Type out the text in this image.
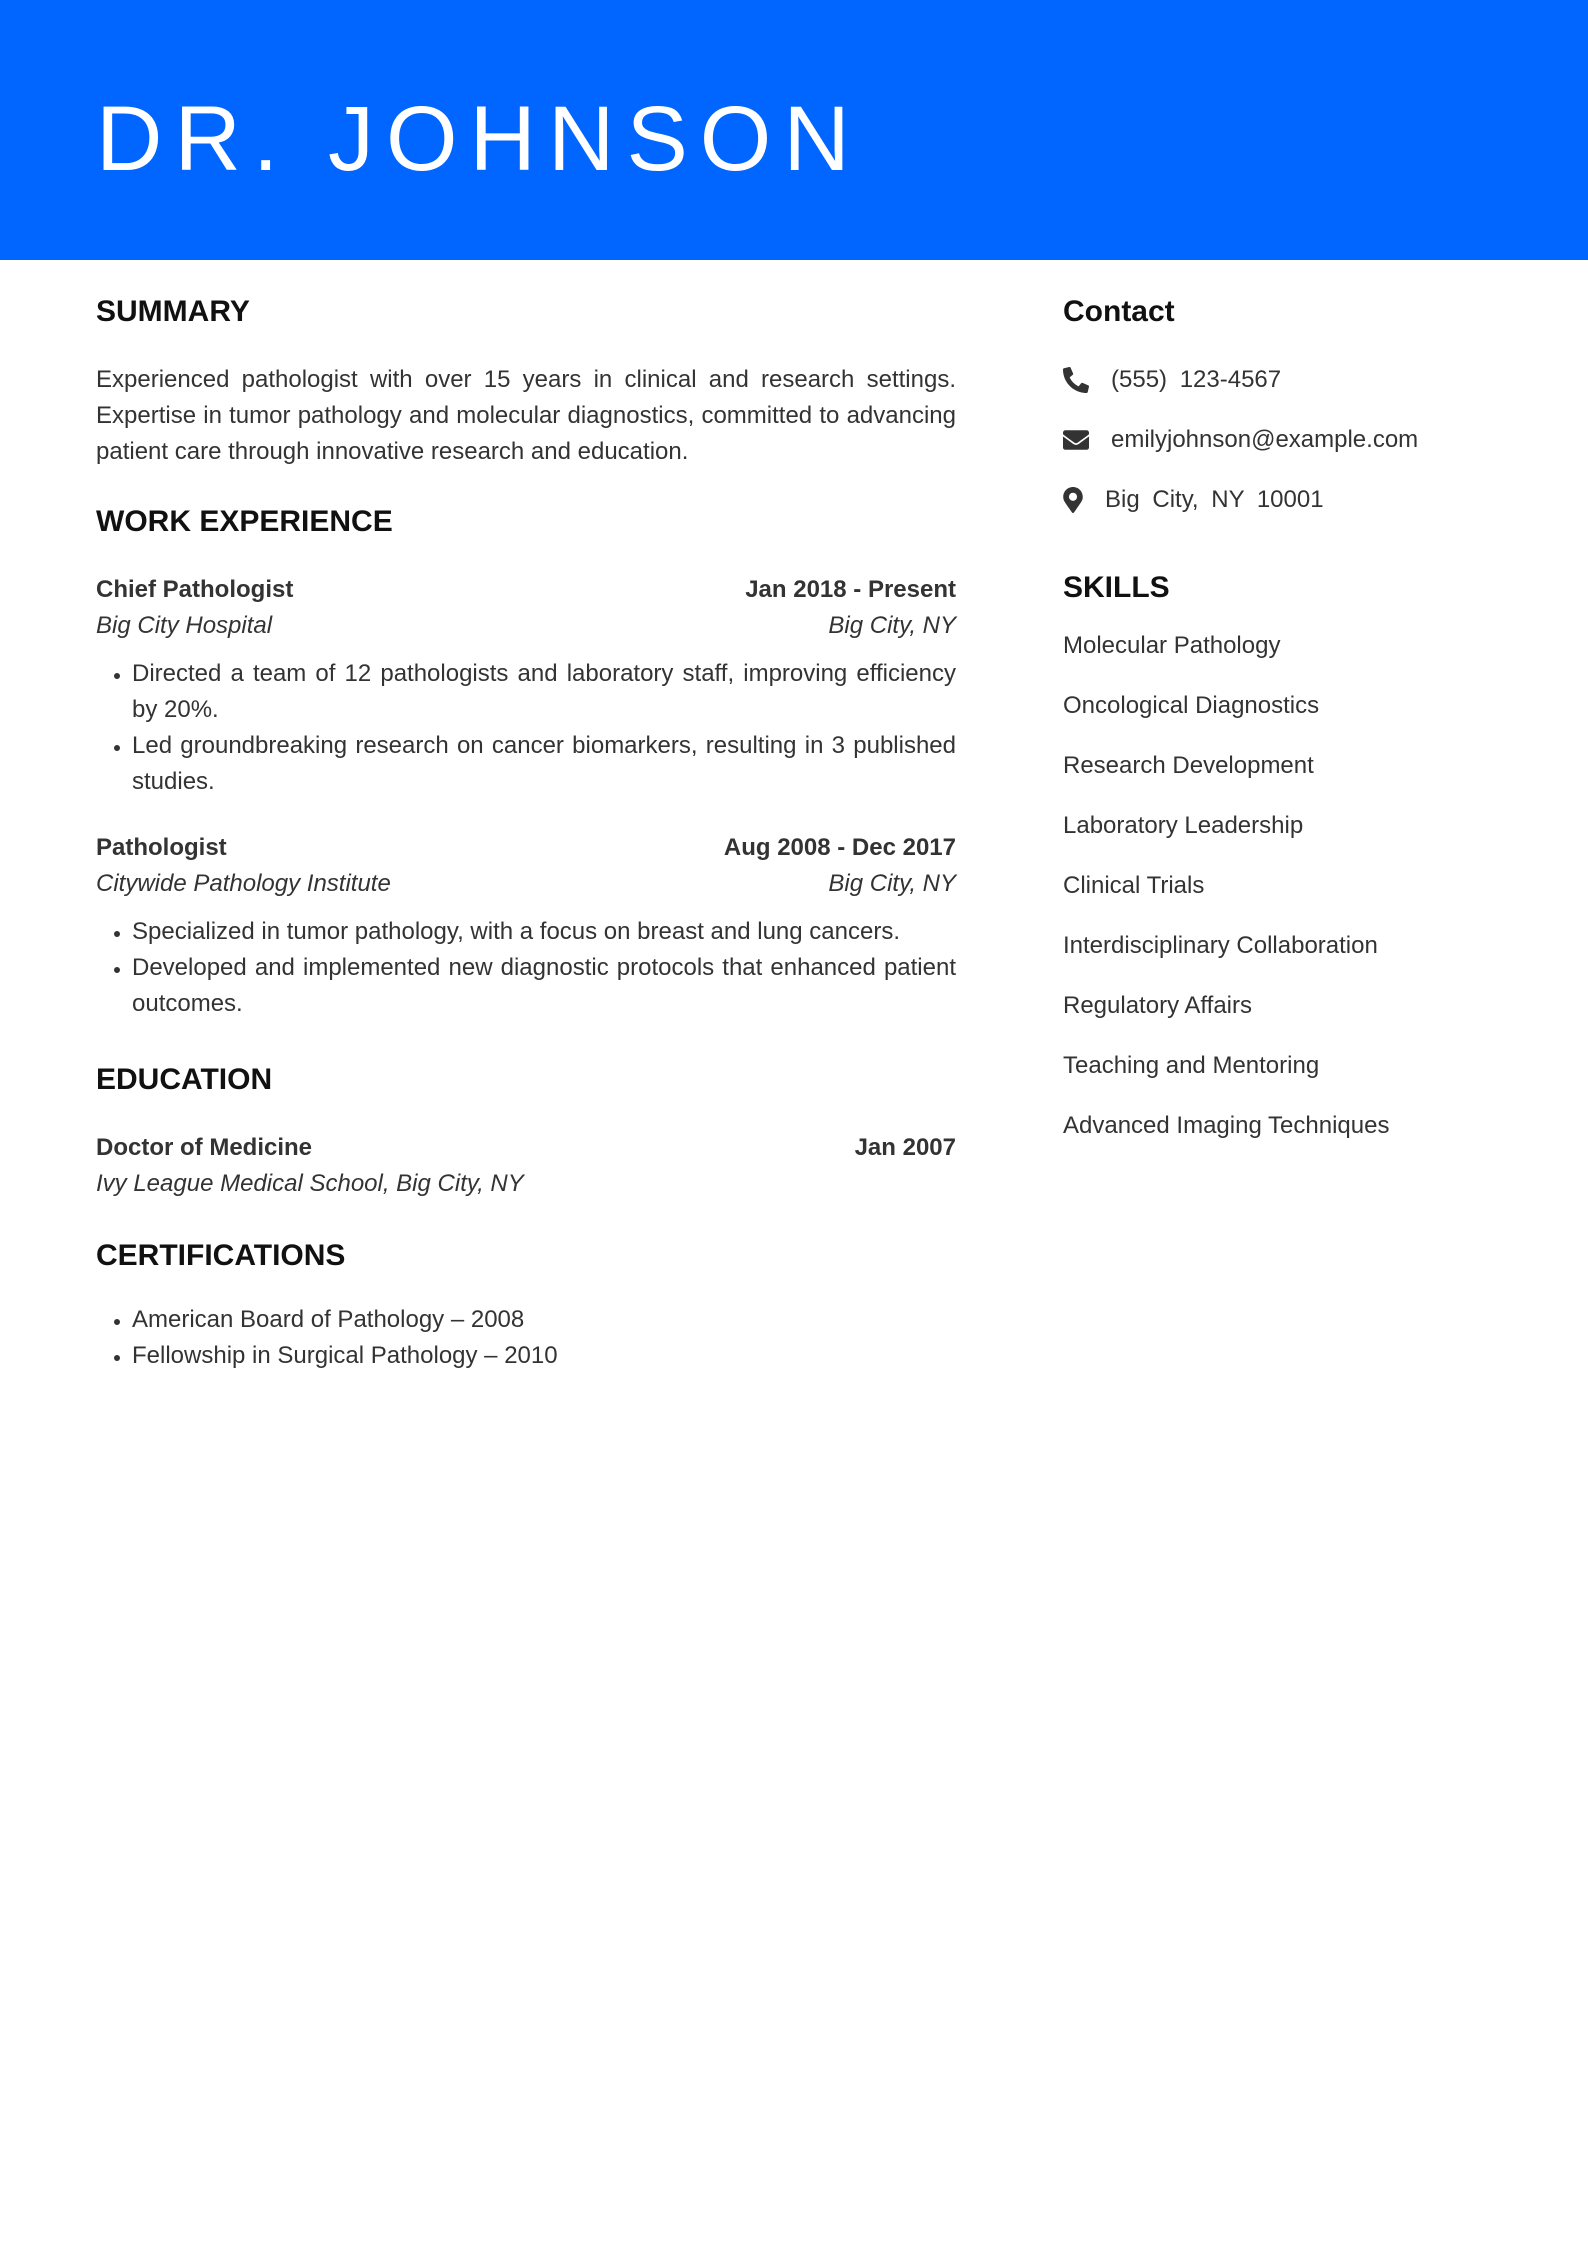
DR. JOHNSON
SUMMARY

Experienced pathologist with over 15 years in clinical and research settings. Expertise in tumor pathology and molecular diagnostics, committed to advancing patient care through innovative research and education.

WORK EXPERIENCE
Chief Pathologist	Jan 2018 - Present
Big City Hospital	Big City, NY
• Directed a team of 12 pathologists and laboratory staff, improving efficiency by 20%.
• Led groundbreaking research on cancer biomarkers, resulting in 3 published studies.
Pathologist	Aug 2008 - Dec 2017
Citywide Pathology Institute	Big City, NY
• Specialized in tumor pathology, with a focus on breast and lung cancers.
• Developed and implemented new diagnostic protocols that enhanced patient outcomes.
EDUCATION
Doctor of Medicine	Jan 2007
Ivy League Medical School, Big City, NY
CERTIFICATIONS
• American Board of Pathology – 2008
• Fellowship in Surgical Pathology – 2010
Contact
(555) 123-4567
emilyjohnson@example.com
Big City, NY 10001
SKILLS
Molecular Pathology
Oncological Diagnostics
Research Development
Laboratory Leadership
Clinical Trials
Interdisciplinary Collaboration
Regulatory Affairs
Teaching and Mentoring
Advanced Imaging Techniques
